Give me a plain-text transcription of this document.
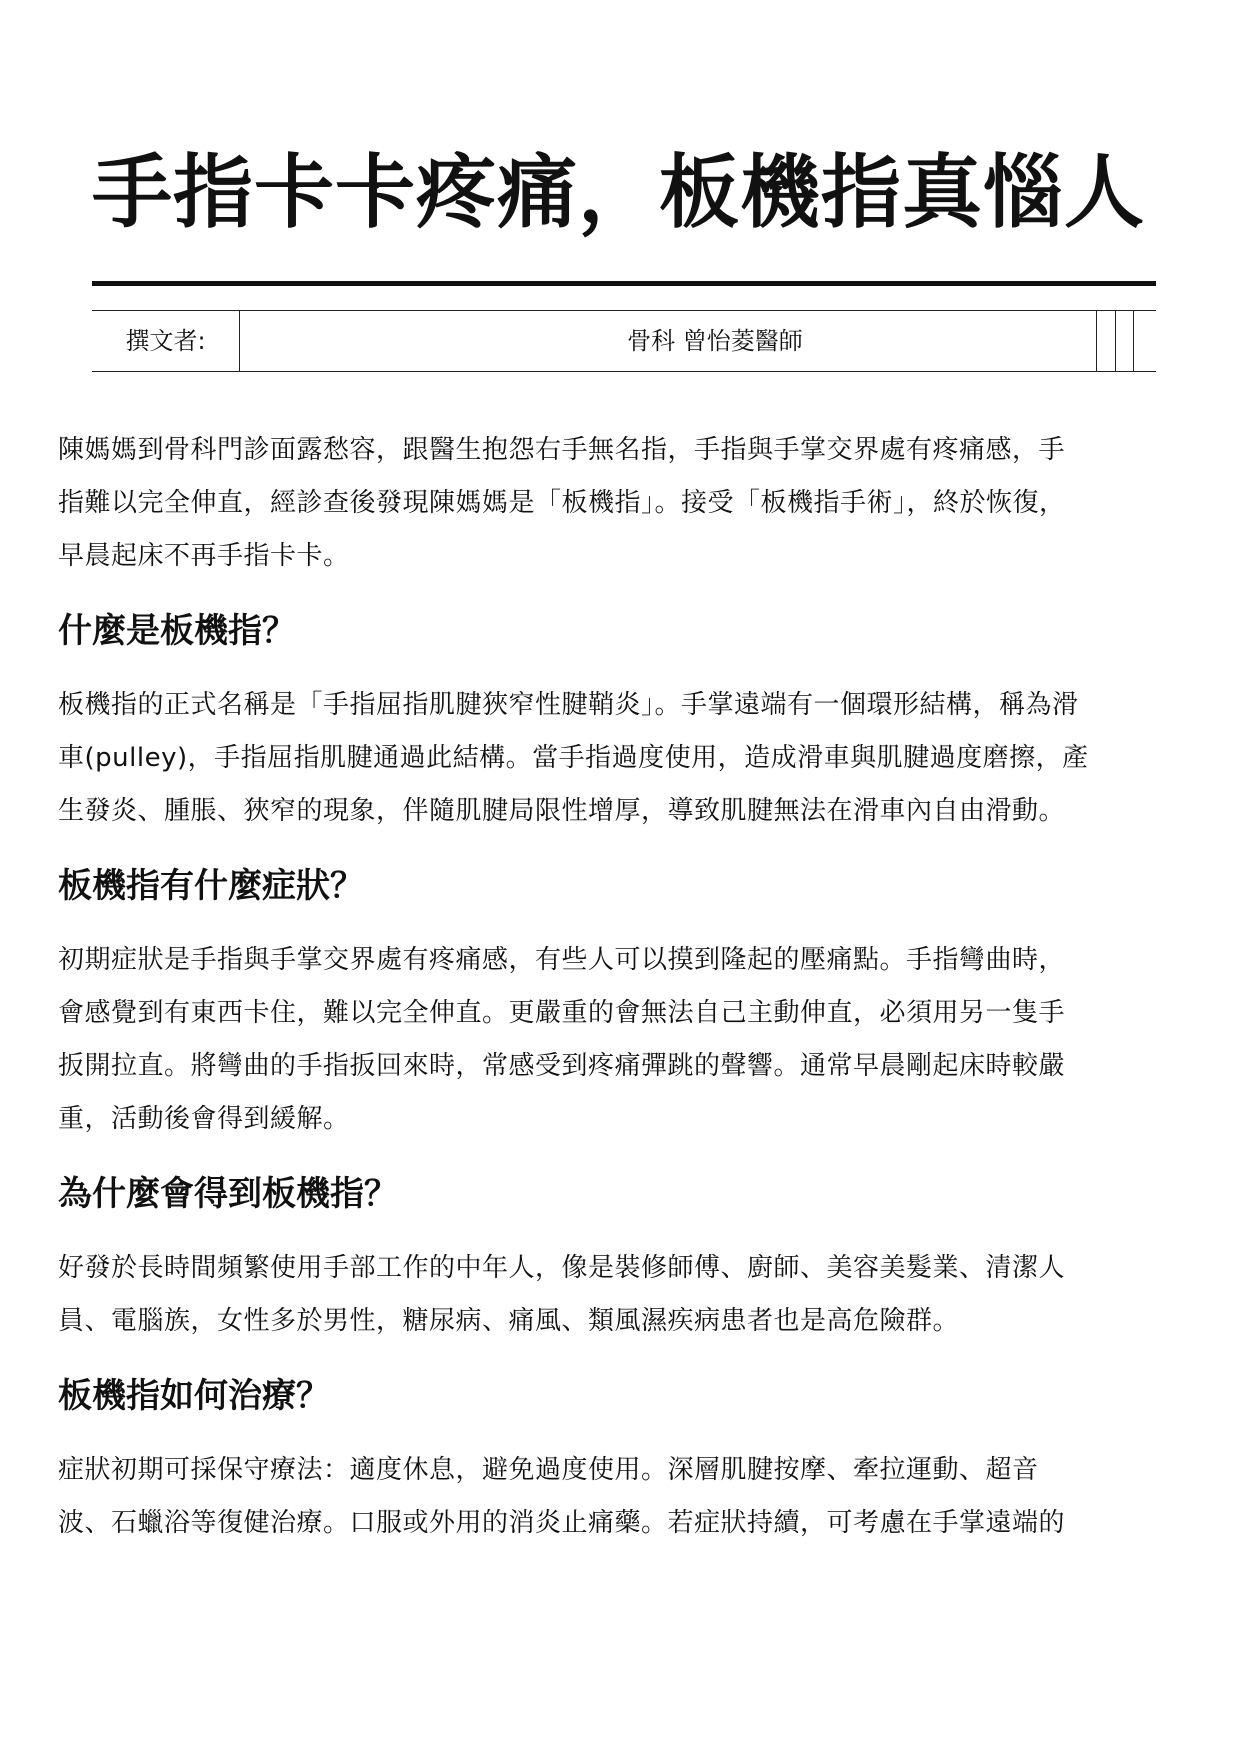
手指卡卡疼痛，板機指真惱人
撰文者:	骨科 曾怡菱醫師

陳媽媽到骨科門診面露愁容，跟醫生抱怨右手無名指，手指與手掌交界處有疼痛感，手

指難以完全伸直，經診查後發現陳媽媽是「板機指」。接受「板機指手術」，終於恢復，

早晨起床不再手指卡卡。

什麼是板機指？

板機指的正式名稱是「手指屈指肌腱狹窄性腱鞘炎」。手掌遠端有一個環形結構，稱為滑

車(pulley)，手指屈指肌腱通過此結構。當手指過度使用，造成滑車與肌腱過度磨擦，產

生發炎、腫脹、狹窄的現象，伴隨肌腱局限性增厚，導致肌腱無法在滑車內自由滑動。

板機指有什麼症狀？

初期症狀是手指與手掌交界處有疼痛感，有些人可以摸到隆起的壓痛點。手指彎曲時，

會感覺到有東西卡住，難以完全伸直。更嚴重的會無法自己主動伸直，必須用另一隻手

扳開拉直。將彎曲的手指扳回來時，常感受到疼痛彈跳的聲響。通常早晨剛起床時較嚴

重，活動後會得到緩解。

為什麼會得到板機指？

好發於長時間頻繁使用手部工作的中年人，像是裝修師傅、廚師、美容美髮業、清潔人

員、電腦族，女性多於男性，糖尿病、痛風、類風濕疾病患者也是高危險群。

板機指如何治療？

症狀初期可採保守療法：適度休息，避免過度使用。深層肌腱按摩、牽拉運動、超音

波、石蠟浴等復健治療。口服或外用的消炎止痛藥。若症狀持續，可考慮在手掌遠端的
